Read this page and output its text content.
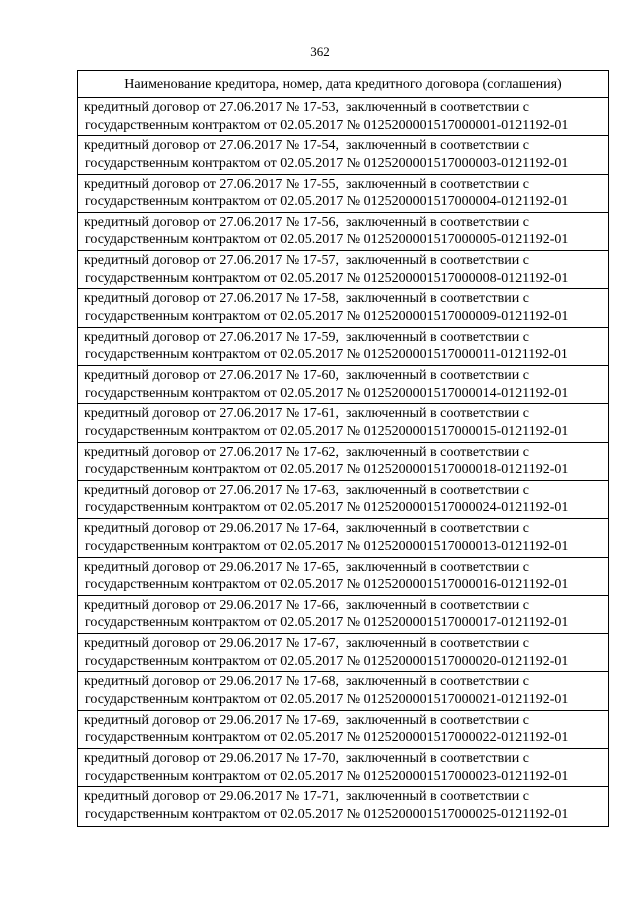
362
Наименование кредитора, номер, дата кредитного договора (соглашения)
кредитный договор от 27.06.2017 № 17-53,  заключенный в соответствии с
государственным контрактом от 02.05.2017 № 0125200001517000001-0121192-01
кредитный договор от 27.06.2017 № 17-54,  заключенный в соответствии с
государственным контрактом от 02.05.2017 № 0125200001517000003-0121192-01
кредитный договор от 27.06.2017 № 17-55,  заключенный в соответствии с
государственным контрактом от 02.05.2017 № 0125200001517000004-0121192-01
кредитный договор от 27.06.2017 № 17-56,  заключенный в соответствии с
государственным контрактом от 02.05.2017 № 0125200001517000005-0121192-01
кредитный договор от 27.06.2017 № 17-57,  заключенный в соответствии с
государственным контрактом от 02.05.2017 № 0125200001517000008-0121192-01
кредитный договор от 27.06.2017 № 17-58,  заключенный в соответствии с
государственным контрактом от 02.05.2017 № 0125200001517000009-0121192-01
кредитный договор от 27.06.2017 № 17-59,  заключенный в соответствии с
государственным контрактом от 02.05.2017 № 0125200001517000011-0121192-01
кредитный договор от 27.06.2017 № 17-60,  заключенный в соответствии с
государственным контрактом от 02.05.2017 № 0125200001517000014-0121192-01
кредитный договор от 27.06.2017 № 17-61,  заключенный в соответствии с
государственным контрактом от 02.05.2017 № 0125200001517000015-0121192-01
кредитный договор от 27.06.2017 № 17-62,  заключенный в соответствии с
государственным контрактом от 02.05.2017 № 0125200001517000018-0121192-01
кредитный договор от 27.06.2017 № 17-63,  заключенный в соответствии с
государственным контрактом от 02.05.2017 № 0125200001517000024-0121192-01
кредитный договор от 29.06.2017 № 17-64,  заключенный в соответствии с
государственным контрактом от 02.05.2017 № 0125200001517000013-0121192-01
кредитный договор от 29.06.2017 № 17-65,  заключенный в соответствии с
государственным контрактом от 02.05.2017 № 0125200001517000016-0121192-01
кредитный договор от 29.06.2017 № 17-66,  заключенный в соответствии с
государственным контрактом от 02.05.2017 № 0125200001517000017-0121192-01
кредитный договор от 29.06.2017 № 17-67,  заключенный в соответствии с
государственным контрактом от 02.05.2017 № 0125200001517000020-0121192-01
кредитный договор от 29.06.2017 № 17-68,  заключенный в соответствии с
государственным контрактом от 02.05.2017 № 0125200001517000021-0121192-01
кредитный договор от 29.06.2017 № 17-69,  заключенный в соответствии с
государственным контрактом от 02.05.2017 № 0125200001517000022-0121192-01
кредитный договор от 29.06.2017 № 17-70,  заключенный в соответствии с
государственным контрактом от 02.05.2017 № 0125200001517000023-0121192-01
кредитный договор от 29.06.2017 № 17-71,  заключенный в соответствии с
государственным контрактом от 02.05.2017 № 0125200001517000025-0121192-01
